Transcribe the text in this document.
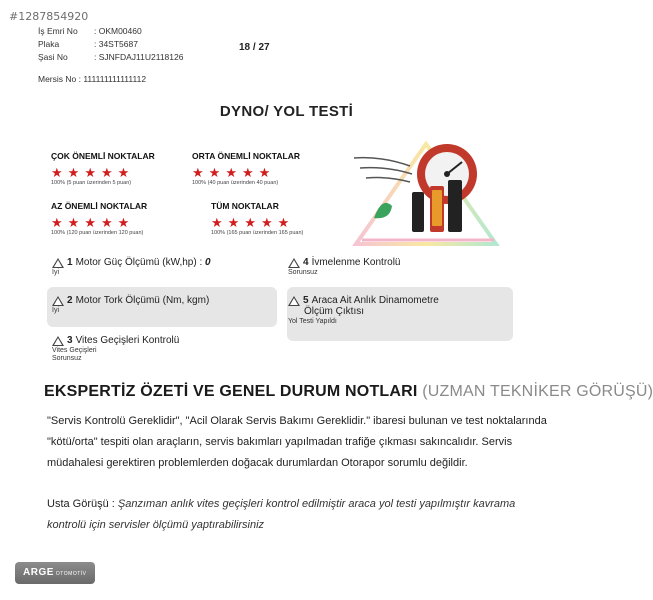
#1287854920
İş Emri No : OKM00460
Plaka	: 34ST5687
Şasi No	: SJNFDAJ11U2118126
Mersis No : 111111111111112
18 / 27
DYNO/ YOL TESTİ
ÇOK ÖNEMLİ NOKTALAR
★ ★ ★ ★ ★
100% (5 puan üzerinden 5 puan)
ORTA ÖNEMLİ NOKTALAR
★ ★ ★ ★ ★
100% (40 puan üzerinden 40 puan)
AZ ÖNEMLİ NOKTALAR
★ ★ ★ ★ ★
100% (120 puan üzerinden 120 puan)
TÜM NOKTALAR
★ ★ ★ ★ ★
100% (165 puan üzerinden 165 puan)
1 Motor Güç Ölçümü (kW,hp) :
0
İyi
4 İvmelenme Kontrolü
Sorunsuz
2 Motor Tork Ölçümü (Nm, kgm)
İyi
5 Araca Ait Anlık Dinamometre
Ölçüm Çıktısı
Yol Testi Yapıldı
3 Vites Geçişleri Kontrolü
Vites Geçişleri
Sorunsuz
EKSPERTİZ ÖZETİ VE GENEL DURUM NOTLARI (UZMAN TEKNİKER GÖRÜŞÜ)
"Servis Kontrolü Gereklidir", "Acil Olarak Servis Bakımı Gereklidir." ibaresi bulunan ve test noktalarında "kötü/orta" tespiti olan araçların, servis bakımları yapılmadan trafiğe çıkması sakıncalıdır. Servis müdahalesi gerektiren problemlerden doğacak durumlardan Otorapor sorumlu değildir.
Usta Görüşü : Şanzıman anlık vites geçişleri kontrol edilmiştir araca yol testi yapılmıştır kavrama kontrolü için servisler ölçümü yaptırabilirsiniz
ARGE OTOMOTİV
